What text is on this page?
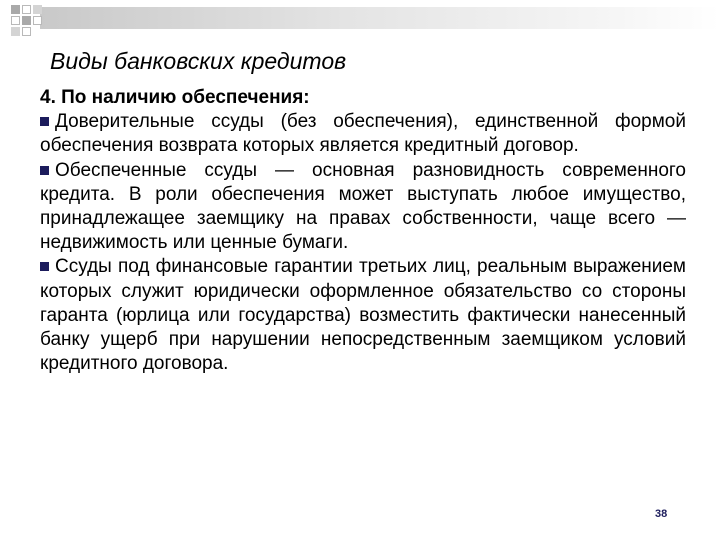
Виды банковских кредитов
4. По наличию обеспечения:
Доверительные ссуды (без обеспечения), единственной формой обеспечения возврата которых является кредитный договор.
Обеспеченные ссуды — основная разновидность современного кредита. В роли обеспечения может выступать любое имущество, принадлежащее заемщику на правах собственности, чаще всего — недвижимость или ценные бумаги.
Ссуды под финансовые гарантии третьих лиц, реальным выражением которых служит юридически оформленное обязательство со стороны гаранта (юрлица или государства) возместить фактически нанесенный банку ущерб при нарушении непосредственным заемщиком условий кредитного договора.
38
